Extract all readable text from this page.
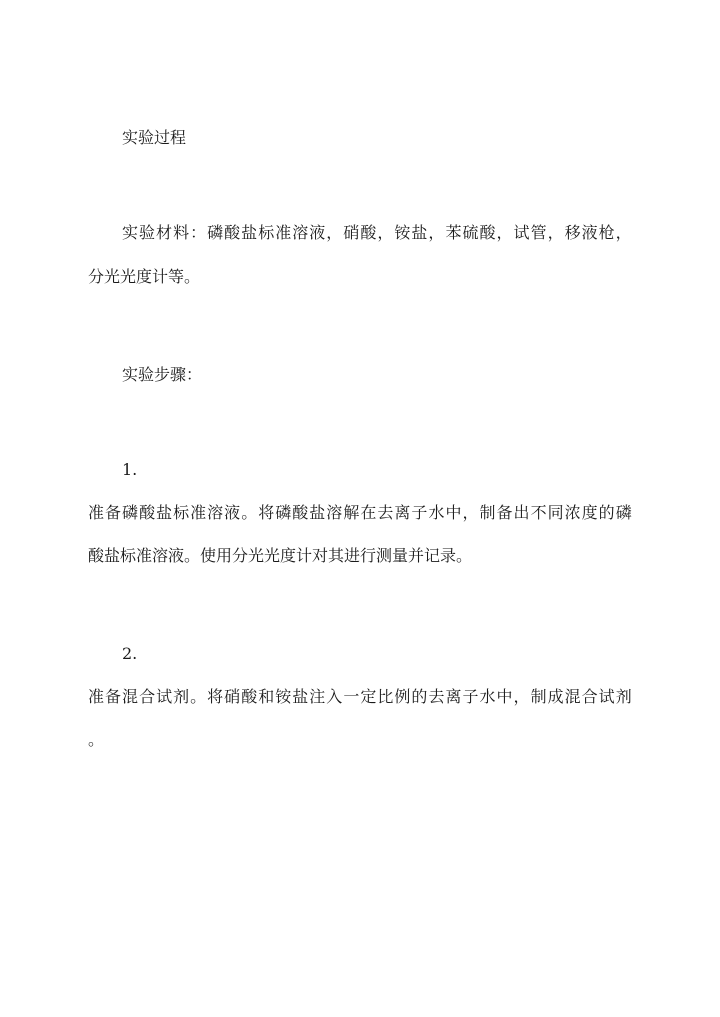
实验过程
实验材料：磷酸盐标准溶液，硝酸，铵盐，苯硫酸，试管，移液枪，
分光光度计等。
实验步骤：
1.
准备磷酸盐标准溶液。将磷酸盐溶解在去离子水中，制备出不同浓度的磷
酸盐标准溶液。使用分光光度计对其进行测量并记录。
2.
准备混合试剂。将硝酸和铵盐注入一定比例的去离子水中，制成混合试剂
。
